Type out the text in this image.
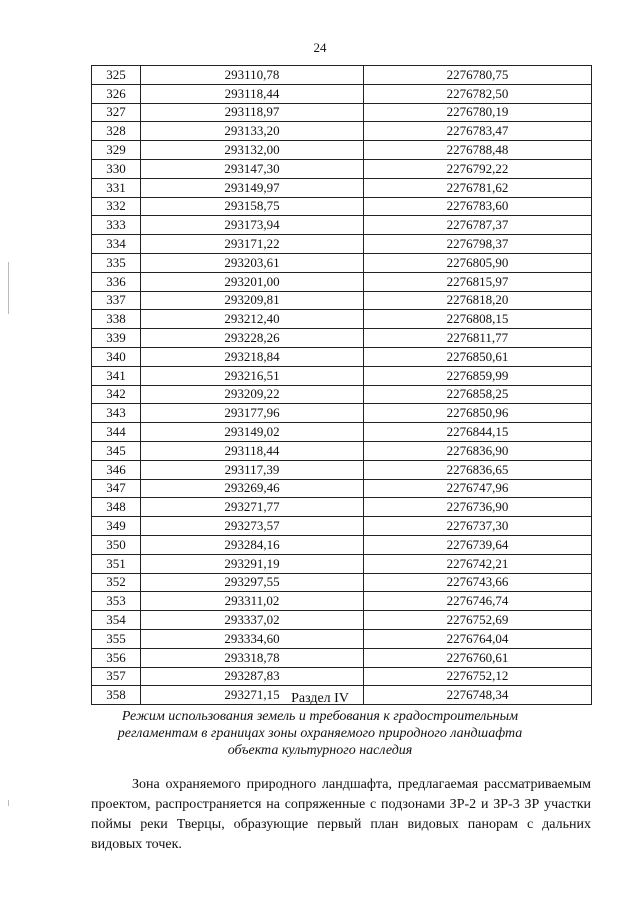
24
325	293110,78	2276780,75
326	293118,44	2276782,50
327	293118,97	2276780,19
328	293133,20	2276783,47
329	293132,00	2276788,48
330	293147,30	2276792,22
331	293149,97	2276781,62
332	293158,75	2276783,60
333	293173,94	2276787,37
334	293171,22	2276798,37
335	293203,61	2276805,90
336	293201,00	2276815,97
337	293209,81	2276818,20
338	293212,40	2276808,15
339	293228,26	2276811,77
340	293218,84	2276850,61
341	293216,51	2276859,99
342	293209,22	2276858,25
343	293177,96	2276850,96
344	293149,02	2276844,15
345	293118,44	2276836,90
346	293117,39	2276836,65
347	293269,46	2276747,96
348	293271,77	2276736,90
349	293273,57	2276737,30
350	293284,16	2276739,64
351	293291,19	2276742,21
352	293297,55	2276743,66
353	293311,02	2276746,74
354	293337,02	2276752,69
355	293334,60	2276764,04
356	293318,78	2276760,61
357	293287,83	2276752,12
358	293271,15	2276748,34
Раздел IV
Режим использования земель и требования к градостроительным
регламентам в границах зоны охраняемого природного ландшафта
объекта культурного наследия

Зона охраняемого природного ландшафта, предлагаемая рассматриваемым проектом, распространяется на сопряженные с подзонами ЗР-2 и ЗР-3 ЗР участки поймы реки Тверцы, образующие первый план видовых панорам с дальних видовых точек.
